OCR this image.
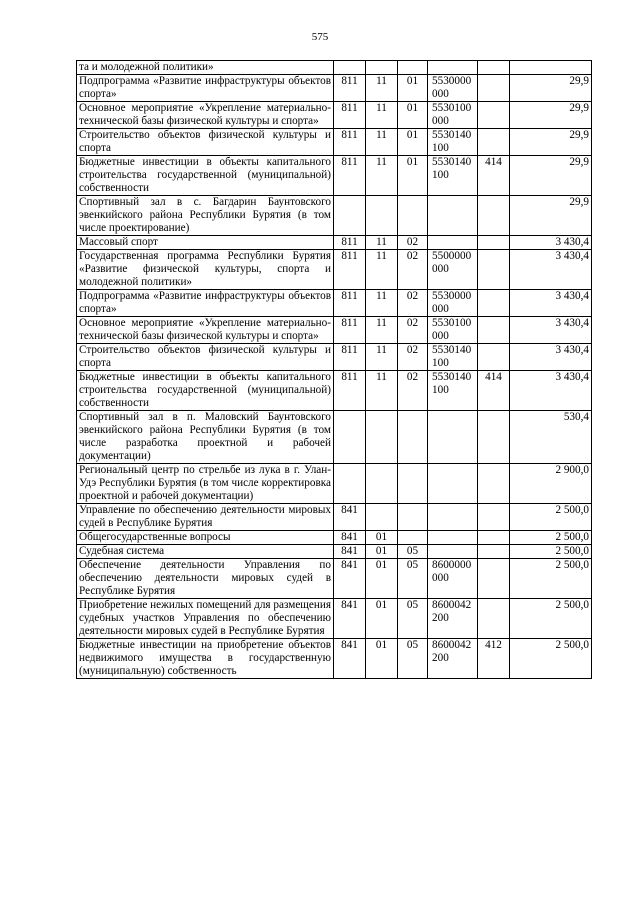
575
та и молодежной политики»						
Подпрограмма «Развитие инфраструктуры объектов спорта»	811	11	01	5530000 000		29,9
Основное мероприятие «Укрепление материально-технической базы физической культуры и спорта»	811	11	01	5530100 000		29,9
Строительство объектов физической культуры и спорта	811	11	01	5530140 100		29,9
Бюджетные инвестиции в объекты капитального строительства государственной (муниципальной) собственности	811	11	01	5530140 100	414	29,9
Спортивный зал в с. Багдарин Баунтовского эвенкийского района Республики Бурятия (в том числе проектирование)						29,9
Массовый спорт	811	11	02			3 430,4
Государственная программа Республики Бурятия «Развитие физической культуры, спорта и молодежной политики»	811	11	02	5500000 000		3 430,4
Подпрограмма «Развитие инфраструктуры объектов спорта»	811	11	02	5530000 000		3 430,4
Основное мероприятие «Укрепление материально-технической базы физической культуры и спорта»	811	11	02	5530100 000		3 430,4
Строительство объектов физической культуры и спорта	811	11	02	5530140 100		3 430,4
Бюджетные инвестиции в объекты капитального строительства государственной (муниципальной) собственности	811	11	02	5530140 100	414	3 430,4
Спортивный зал в п. Маловский Баунтовского эвенкийского района Республики Бурятия (в том числе разработка проектной и рабочей документации)						530,4
Региональный центр по стрельбе из лука в г. Улан-Удэ Республики Бурятия (в том числе корректировка проектной и рабочей документации)						2 900,0
Управление по обеспечению деятельности мировых судей в Республике Бурятия	841					2 500,0
Общегосударственные вопросы	841	01				2 500,0
Судебная система	841	01	05			2 500,0
Обеспечение деятельности Управления по обеспечению деятельности мировых судей в Республике Бурятия	841	01	05	8600000 000		2 500,0
Приобретение нежилых помещений для размещения судебных участков Управления по обеспечению деятельности мировых судей в Республике Бурятия	841	01	05	8600042 200		2 500,0
Бюджетные инвестиции на приобретение объектов недвижимого имущества в государственную (муниципальную) собственность	841	01	05	8600042 200	412	2 500,0
